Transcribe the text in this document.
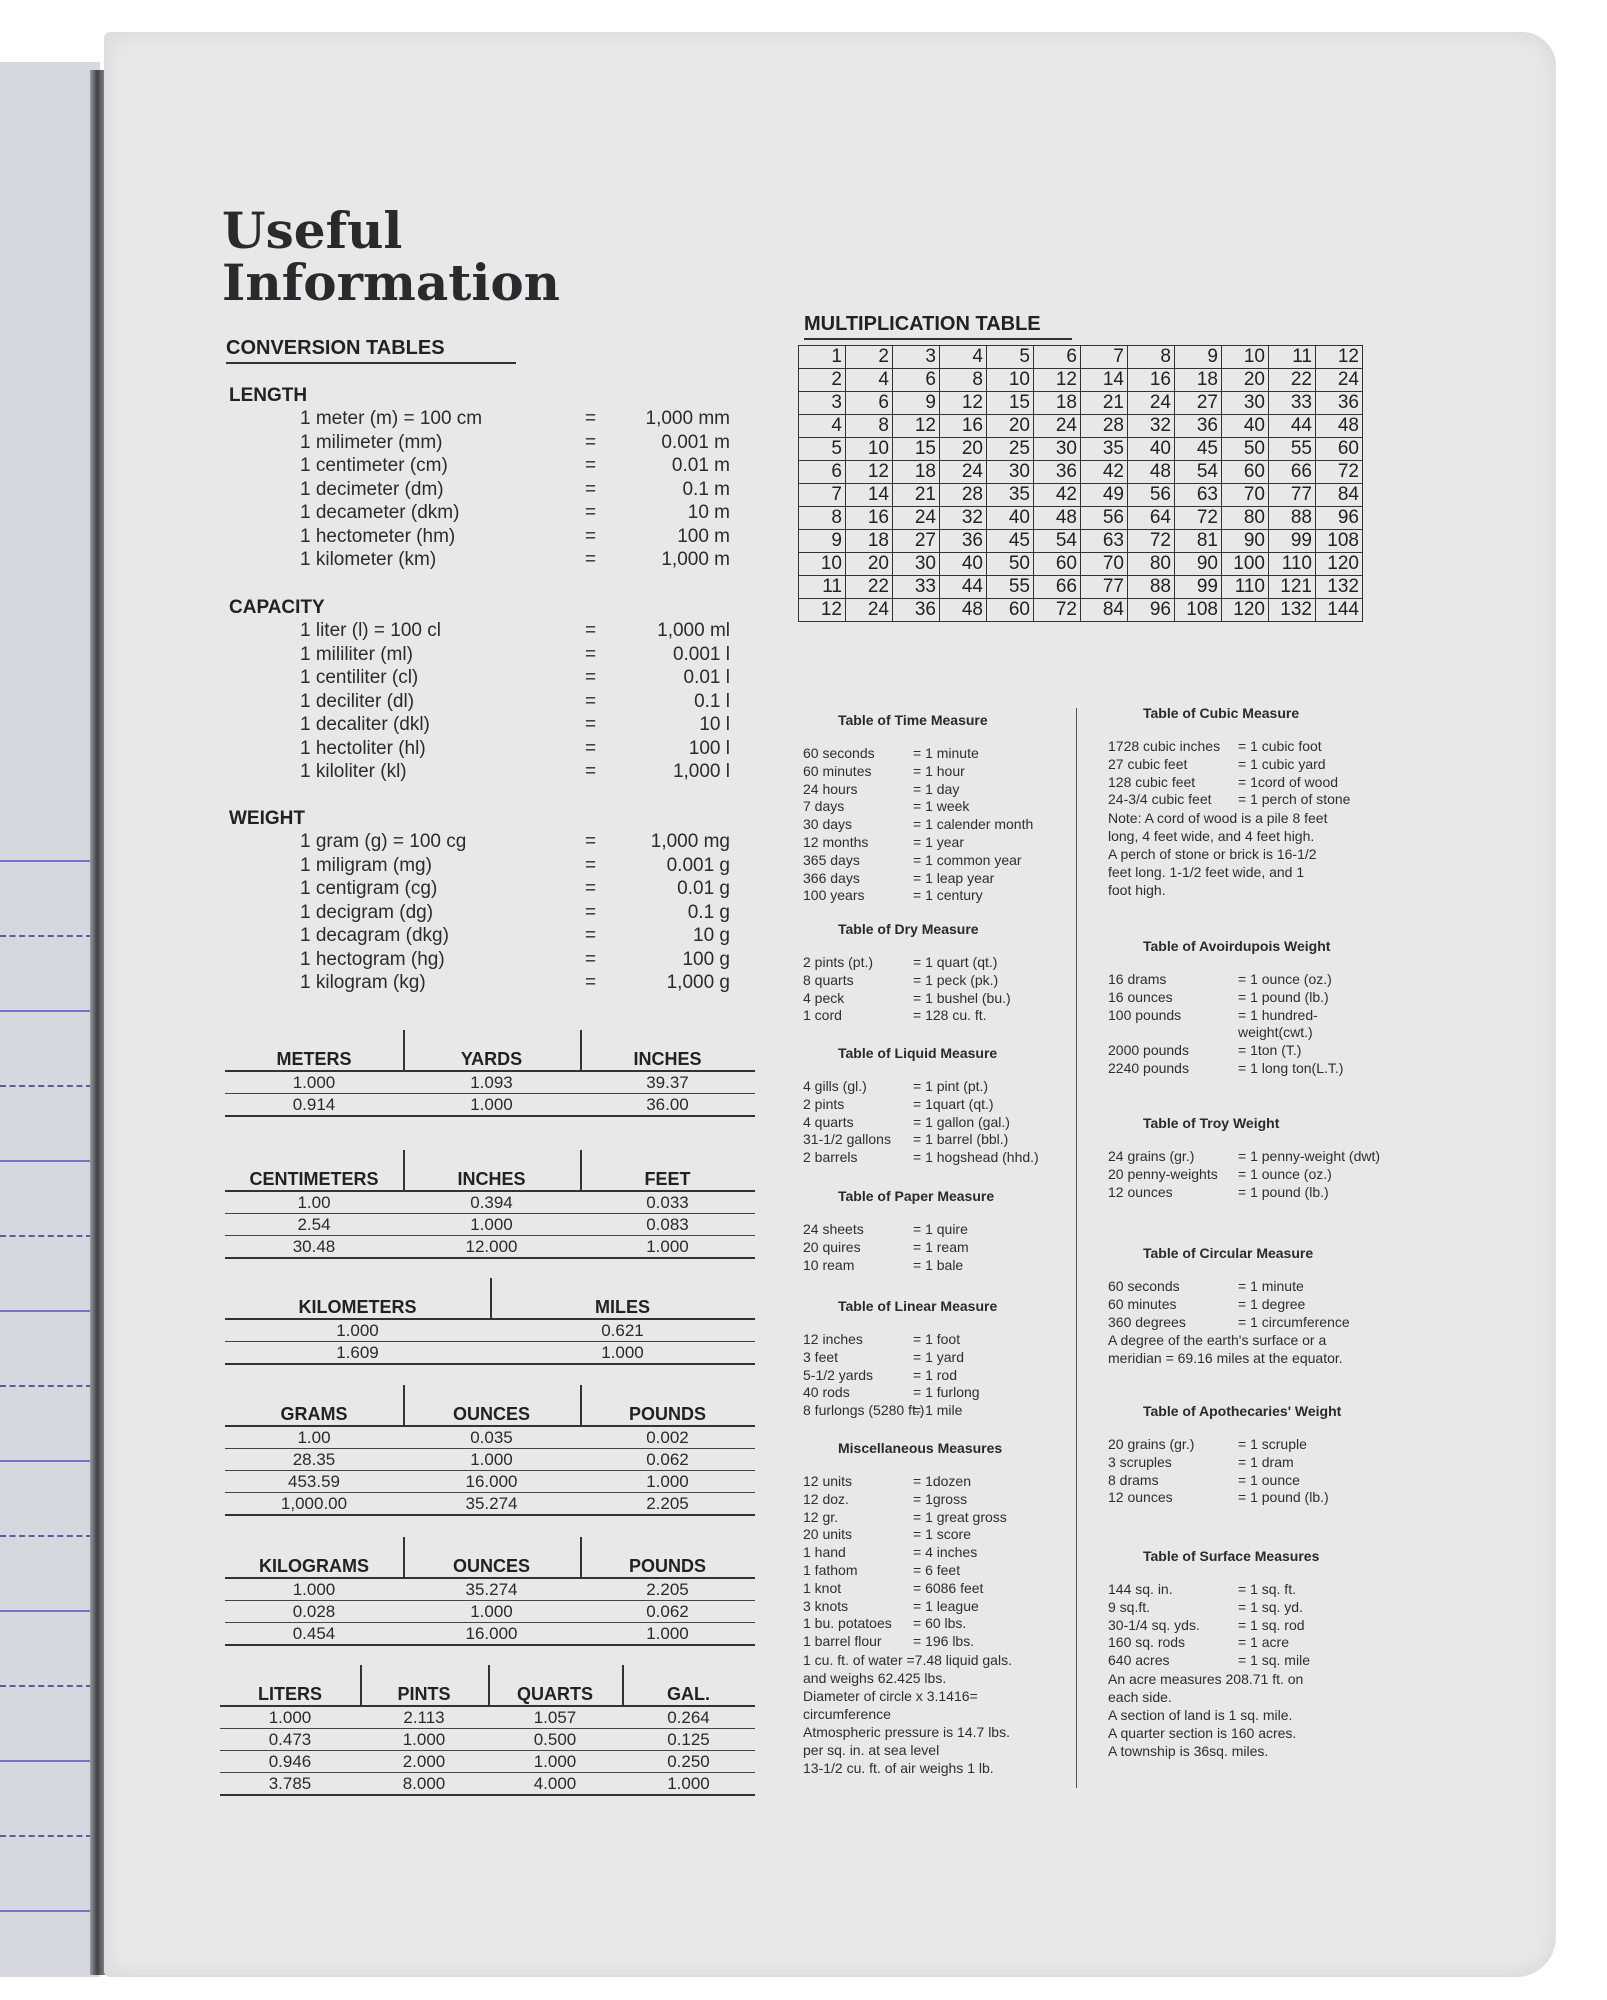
Useful
Information
CONVERSION TABLES
LENGTH
1 meter (m) = 100 cm	=	1,000 mm
1 milimeter (mm)	=	0.001 m
1 centimeter (cm)	=	0.01 m
1 decimeter (dm)	=	0.1 m
1 decameter (dkm)	=	10 m
1 hectometer (hm)	=	100 m
1 kilometer (km)	=	1,000 m
CAPACITY
1 liter (l) = 100 cl	=	1,000 ml
1 mililiter (ml)	=	0.001 l
1 centiliter (cl)	=	0.01 l
1 deciliter (dl)	=	0.1 l
1 decaliter (dkl)	=	10 l
1 hectoliter (hl)	=	100 l
1 kiloliter (kl)	=	1,000 l
WEIGHT
1 gram (g) = 100 cg	=	1,000 mg
1 miligram (mg)	=	0.001 g
1 centigram (cg)	=	0.01 g
1 decigram (dg)	=	0.1 g
1 decagram (dkg)	=	10 g
1 hectogram (hg)	=	100 g
1 kilogram (kg)	=	1,000 g
METERS	YARDS	INCHES
1.000	1.093	39.37
0.914	1.000	36.00
CENTIMETERS	INCHES	FEET
1.00	0.394	0.033
2.54	1.000	0.083
30.48	12.000	1.000
KILOMETERS	MILES
1.000	0.621
1.609	1.000
GRAMS	OUNCES	POUNDS
1.00	0.035	0.002
28.35	1.000	0.062
453.59	16.000	1.000
1,000.00	35.274	2.205
KILOGRAMS	OUNCES	POUNDS
1.000	35.274	2.205
0.028	1.000	0.062
0.454	16.000	1.000
LITERS	PINTS	QUARTS	GAL.
1.000	2.113	1.057	0.264
0.473	1.000	0.500	0.125
0.946	2.000	1.000	0.250
3.785	8.000	4.000	1.000
MULTIPLICATION TABLE
1	2	3	4	5	6	7	8	9	10	11	12
2	4	6	8	10	12	14	16	18	20	22	24
3	6	9	12	15	18	21	24	27	30	33	36
4	8	12	16	20	24	28	32	36	40	44	48
5	10	15	20	25	30	35	40	45	50	55	60
6	12	18	24	30	36	42	48	54	60	66	72
7	14	21	28	35	42	49	56	63	70	77	84
8	16	24	32	40	48	56	64	72	80	88	96
9	18	27	36	45	54	63	72	81	90	99	108
10	20	30	40	50	60	70	80	90	100	110	120
11	22	33	44	55	66	77	88	99	110	121	132
12	24	36	48	60	72	84	96	108	120	132	144
Table of Time Measure
60 seconds	= 1 minute
60 minutes	= 1 hour
24 hours	= 1 day
7 days	= 1 week
30 days	= 1 calender month
12 months	= 1 year
365 days	= 1 common year
366 days	= 1 leap year
100 years	= 1 century
Table of Dry Measure
2 pints (pt.)	= 1 quart (qt.)
8 quarts	= 1 peck (pk.)
4 peck	= 1 bushel (bu.)
1 cord	= 128 cu. ft.
Table of Liquid Measure
4 gills (gl.)	= 1 pint (pt.)
2 pints	= 1quart (qt.)
4 quarts	= 1 gallon (gal.)
31-1/2 gallons = 1 barrel (bbl.)
2 barrels	= 1 hogshead (hhd.)
Table of Paper Measure
24 sheets	= 1 quire
20 quires	= 1 ream
10 ream	= 1 bale
Table of Linear Measure
12 inches	= 1 foot
3 feet	= 1 yard
5-1/2 yards	= 1 rod
40 rods	= 1 furlong
8 furlongs (5280 ft.)
= 1 mile
Miscellaneous Measures
12 units	= 1dozen
12 doz.	= 1gross
12 gr.	= 1 great gross
20 units	= 1 score
1 hand	= 4 inches
1 fathom	= 6 feet
1 knot	= 6086 feet
3 knots	= 1 league
1 bu. potatoes = 60 lbs.
1 barrel flour = 196 lbs.
1 cu. ft. of water =7.48 liquid gals.
and weighs 62.425 lbs.
Diameter of circle x 3.1416=
circumference
Atmospheric pressure is 14.7 lbs.
per sq. in. at sea level
13-1/2 cu. ft. of air weighs 1 lb.
Table of Cubic Measure
1728 cubic inches = 1 cubic foot
27 cubic feet	= 1 cubic yard
128 cubic feet	= 1cord of wood
24-3/4 cubic feet = 1 perch of stone
Note: A cord of wood is a pile 8 feet
long, 4 feet wide, and 4 feet high.
A perch of stone or brick is 16-1/2
feet long. 1-1/2 feet wide, and 1
foot high.
Table of Avoirdupois Weight
16 drams	= 1 ounce (oz.)
16 ounces	= 1 pound (lb.)
100 pounds	= 1 hundred-
weight(cwt.)
2000 pounds	= 1ton (T.)
2240 pounds	= 1 long ton(L.T.)
Table of Troy Weight
24 grains (gr.)	= 1 penny-weight (dwt)
20 penny-weights = 1 ounce (oz.)
12 ounces	= 1 pound (lb.)
Table of Circular Measure
60 seconds	= 1 minute
60 minutes	= 1 degree
360 degrees	= 1 circumference
A degree of the earth's surface or a
meridian = 69.16 miles at the equator.
Table of Apothecaries' Weight
20 grains (gr.)	= 1 scruple
3 scruples	= 1 dram
8 drams	= 1 ounce
12 ounces	= 1 pound (lb.)
Table of Surface Measures
144 sq. in.	= 1 sq. ft.
9 sq.ft.	= 1 sq. yd.
30-1/4 sq. yds.	= 1 sq. rod
160 sq. rods	= 1 acre
640 acres	= 1 sq. mile
An acre measures 208.71 ft. on
each side.
A section of land is 1 sq. mile.
A quarter section is 160 acres.
A township is 36sq. miles.
